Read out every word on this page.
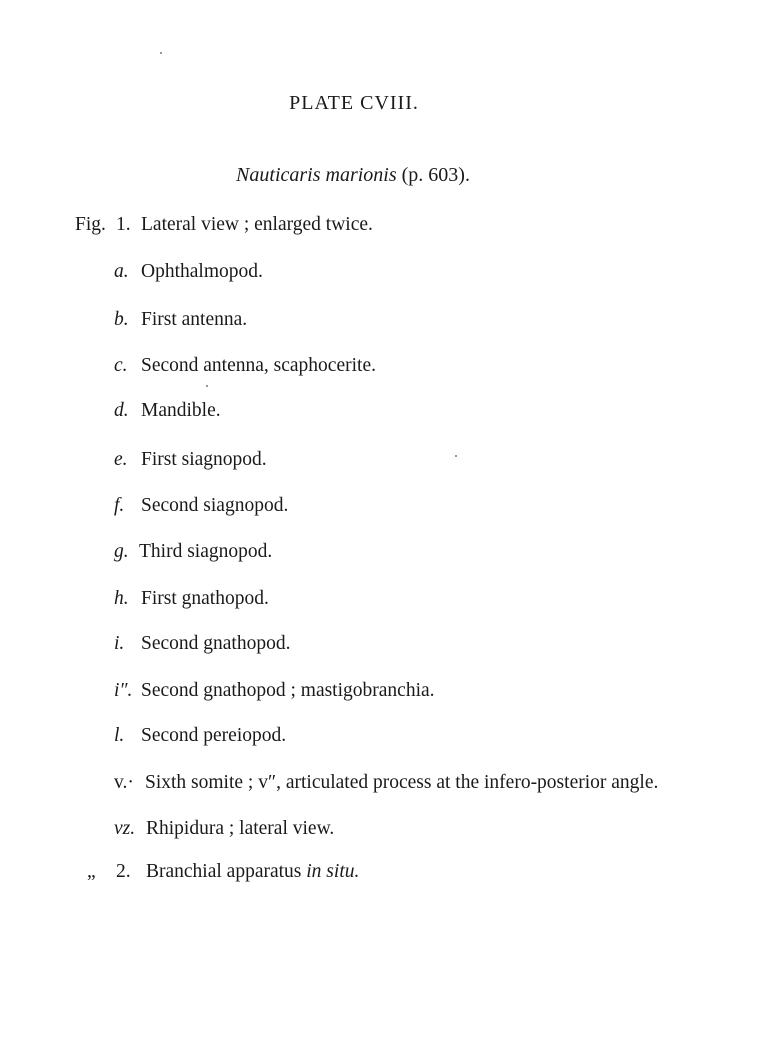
PLATE CVIII.
Nauticaris marionis (p. 603).
Fig. 1. Lateral view ; enlarged twice.
a. Ophthalmopod.
b. First antenna.
c. Second antenna, scaphocerite.
d. Mandible.
e. First siagnopod.
f. Second siagnopod.
g. Third siagnopod.
h. First gnathopod.
i. Second gnathopod.
i″. Second gnathopod ; mastigobranchia.
l. Second pereiopod.
v.· Sixth somite ; v″, articulated process at the infero-posterior angle.
vz. Rhipidura ; lateral view.
„ 2. Branchial apparatus in situ.
